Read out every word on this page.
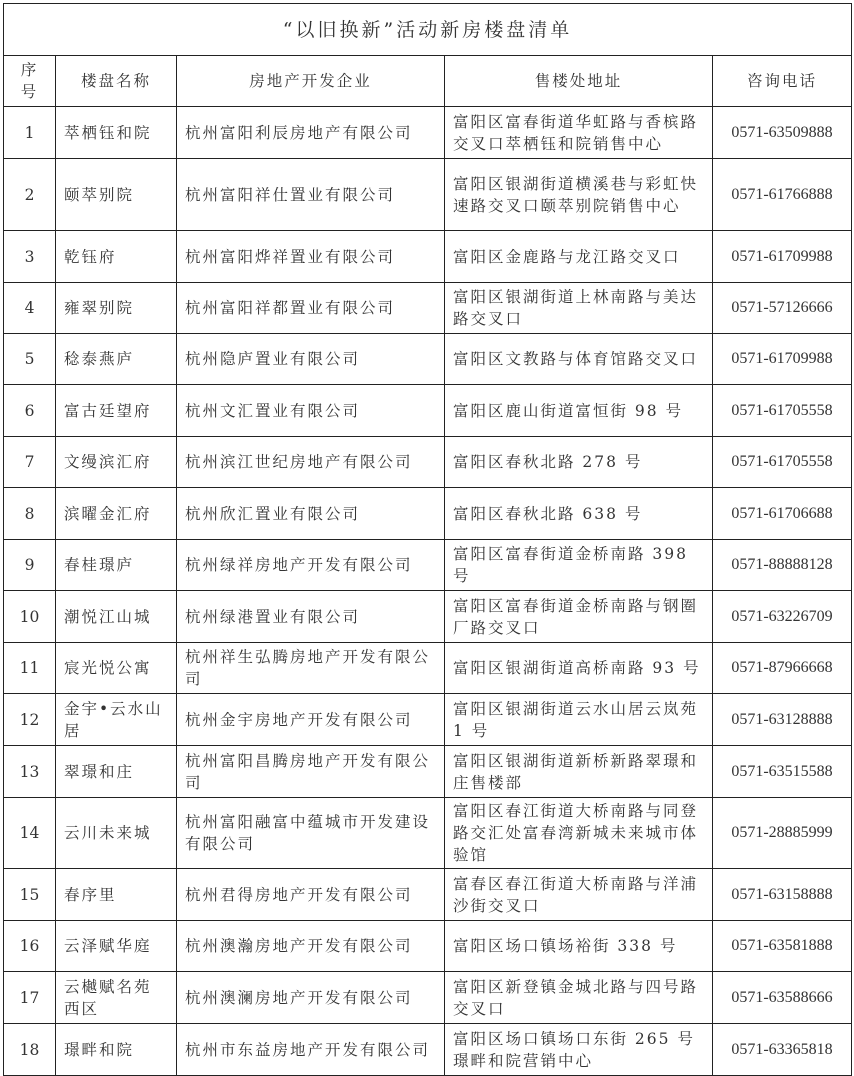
“以旧换新”活动新房楼盘清单				
序号	楼盘名称	房地产开发企业	售楼处地址	咨询电话
1	萃栖钰和院	杭州富阳利辰房地产有限公司	富阳区富春街道华虹路与香槟路交叉口萃栖钰和院销售中心	0571-63509888
2	颐萃别院	杭州富阳祥仕置业有限公司	富阳区银湖街道横溪巷与彩虹快速路交叉口颐萃别院销售中心	0571-61766888
3	乾钰府	杭州富阳烨祥置业有限公司	富阳区金鹿路与龙江路交叉口	0571-61709988
4	雍翠别院	杭州富阳祥都置业有限公司	富阳区银湖街道上林南路与美达路交叉口	0571-57126666
5	稔泰燕庐	杭州隐庐置业有限公司	富阳区文教路与体育馆路交叉口	0571-61709988
6	富古廷望府	杭州文汇置业有限公司	富阳区鹿山街道富恒街 98 号	0571-61705558
7	文缦滨汇府	杭州滨江世纪房地产有限公司	富阳区春秋北路 278 号	0571-61705558
8	滨曜金汇府	杭州欣汇置业有限公司	富阳区春秋北路 638 号	0571-61706688
9	春桂璟庐	杭州绿祥房地产开发有限公司	富阳区富春街道金桥南路 398 号	0571-88888128
10	潮悦江山城	杭州绿港置业有限公司	富阳区富春街道金桥南路与钢圈厂路交叉口	0571-63226709
11	宸光悦公寓	杭州祥生弘腾房地产开发有限公司	富阳区银湖街道高桥南路 93 号	0571-87966668
12	金宇•云水山居	杭州金宇房地产开发有限公司	富阳区银湖街道云水山居云岚苑 1 号	0571-63128888
13	翠璟和庄	杭州富阳昌腾房地产开发有限公司	富阳区银湖街道新桥新路翠璟和庄售楼部	0571-63515588
14	云川未来城	杭州富阳融富中蕴城市开发建设有限公司	富阳区春江街道大桥南路与同登路交汇处富春湾新城未来城市体验馆	0571-28885999
15	春序里	杭州君得房地产开发有限公司	富春区春江街道大桥南路与洋浦沙街交叉口	0571-63158888
16	云泽赋华庭	杭州澳瀚房地产开发有限公司	富阳区场口镇场裕街 338 号	0571-63581888
17	云樾赋名苑西区	杭州澳澜房地产开发有限公司	富阳区新登镇金城北路与四号路交叉口	0571-63588666
18	璟畔和院	杭州市东益房地产开发有限公司	富阳区场口镇场口东街 265 号璟畔和院营销中心	0571-63365818
